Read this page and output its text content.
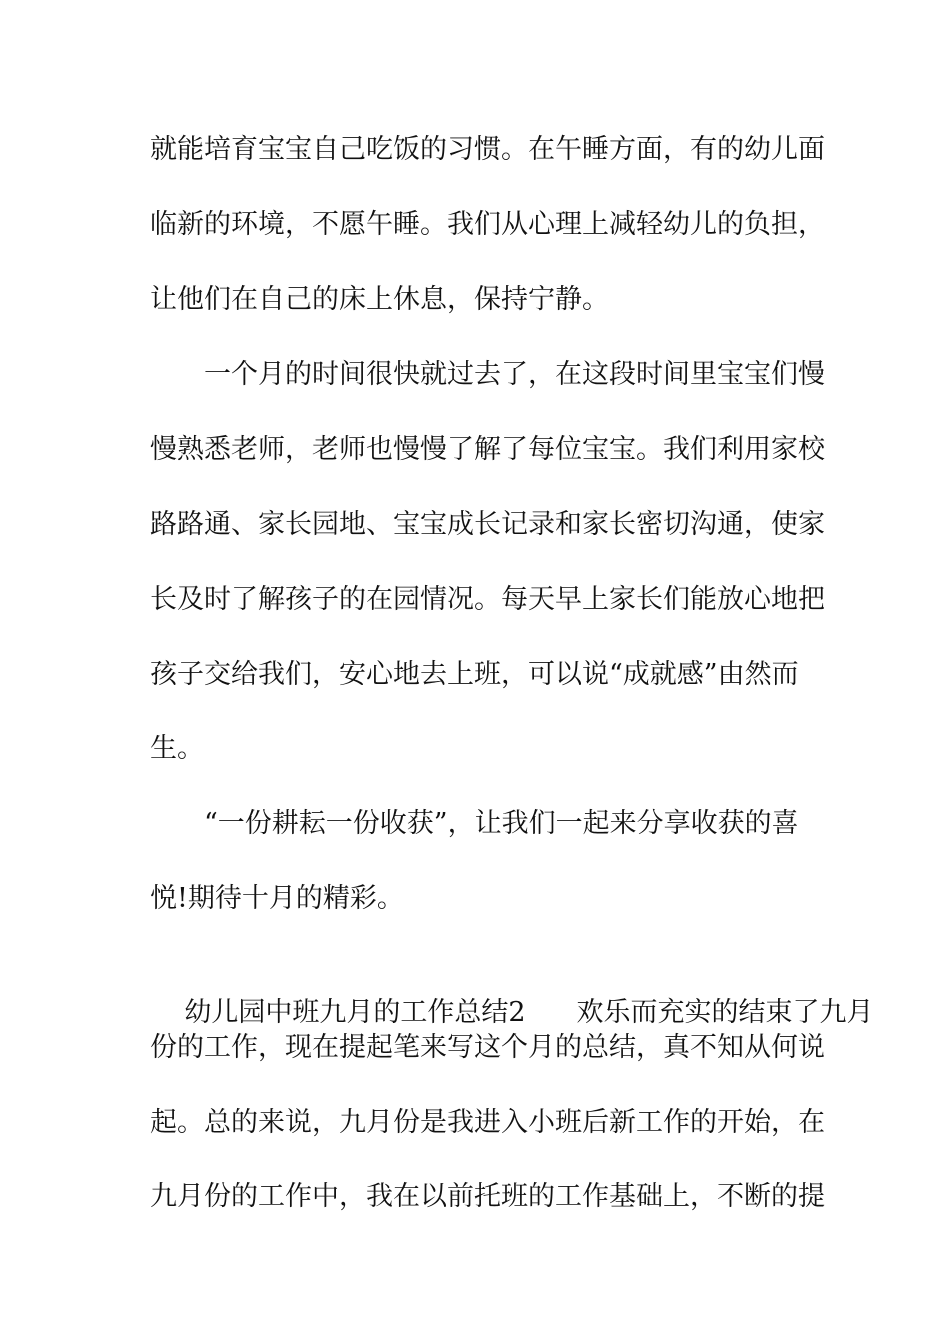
就能培育宝宝自己吃饭的习惯。在午睡方面，有的幼儿面
临新的环境，不愿午睡。我们从心理上减轻幼儿的负担，
让他们在自己的床上休息，保持宁静。
一个月的时间很快就过去了，在这段时间里宝宝们慢
慢熟悉老师，老师也慢慢了解了每位宝宝。我们利用家校
路路通、家长园地、宝宝成长记录和家长密切沟通，使家
长及时了解孩子的在园情况。每天早上家长们能放心地把
孩子交给我们，安心地去上班，可以说“成就感”由然而
生。
“一份耕耘一份收获”，让我们一起来分享收获的喜
悦!期待十月的精彩。

幼儿园中班九月的工作总结2 欢乐而充实的结束了九月

份的工作，现在提起笔来写这个月的总结，真不知从何说
起。总的来说，九月份是我进入小班后新工作的开始，在
九月份的工作中，我在以前托班的工作基础上，不断的提
